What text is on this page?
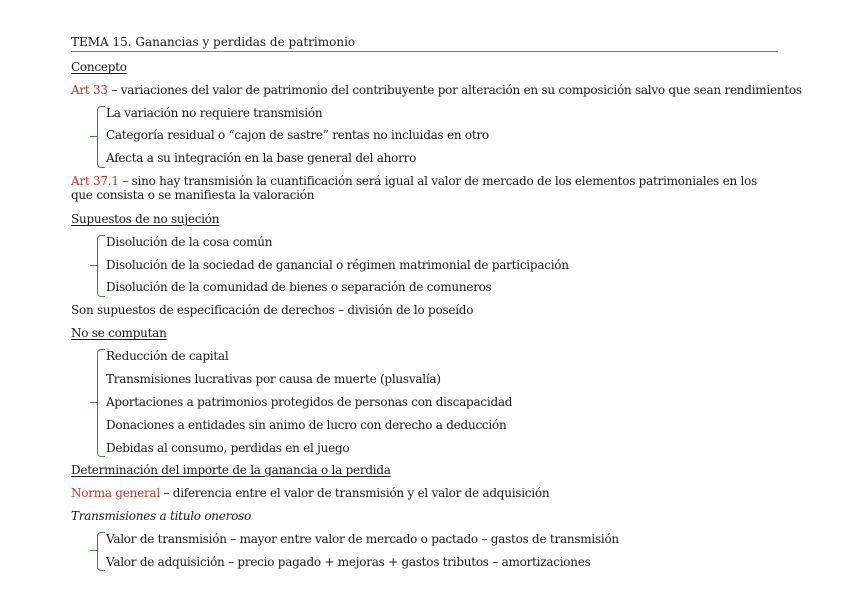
TEMA 15. Ganancias y perdidas de patrimonio
Concepto
Art 33 – variaciones del valor de patrimonio del contribuyente por alteración en su composición salvo que sean rendimientos
La variación no requiere transmisión
Categoría residual o “cajon de sastre” rentas no incluidas en otro
Afecta a su integración en la base general del ahorro
Art 37.1 – sino hay transmisión la cuantificación será igual al valor de mercado de los elementos patrimoniales en los que consista o se manifiesta la valoración
Supuestos de no sujeción
Disolución de la cosa común
Disolución de la sociedad de ganancial o régimen matrimonial de participación
Disolución de la comunidad de bienes o separación de comuneros
Son supuestos de especificación de derechos – división de lo poseído
No se computan
Reducción de capital
Transmisiones lucrativas por causa de muerte (plusvalía)
Aportaciones a patrimonios protegidos de personas con discapacidad
Donaciones a entidades sin animo de lucro con derecho a deducción
Debidas al consumo, perdidas en el juego
Determinación del importe de la ganancia o la perdida
Norma general – diferencia entre el valor de transmisión y el valor de adquisición
Transmisiones a titulo oneroso
Valor de transmisión – mayor entre valor de mercado o pactado – gastos de transmisión
Valor de adquisición – precio pagado + mejoras + gastos tributos – amortizaciones
